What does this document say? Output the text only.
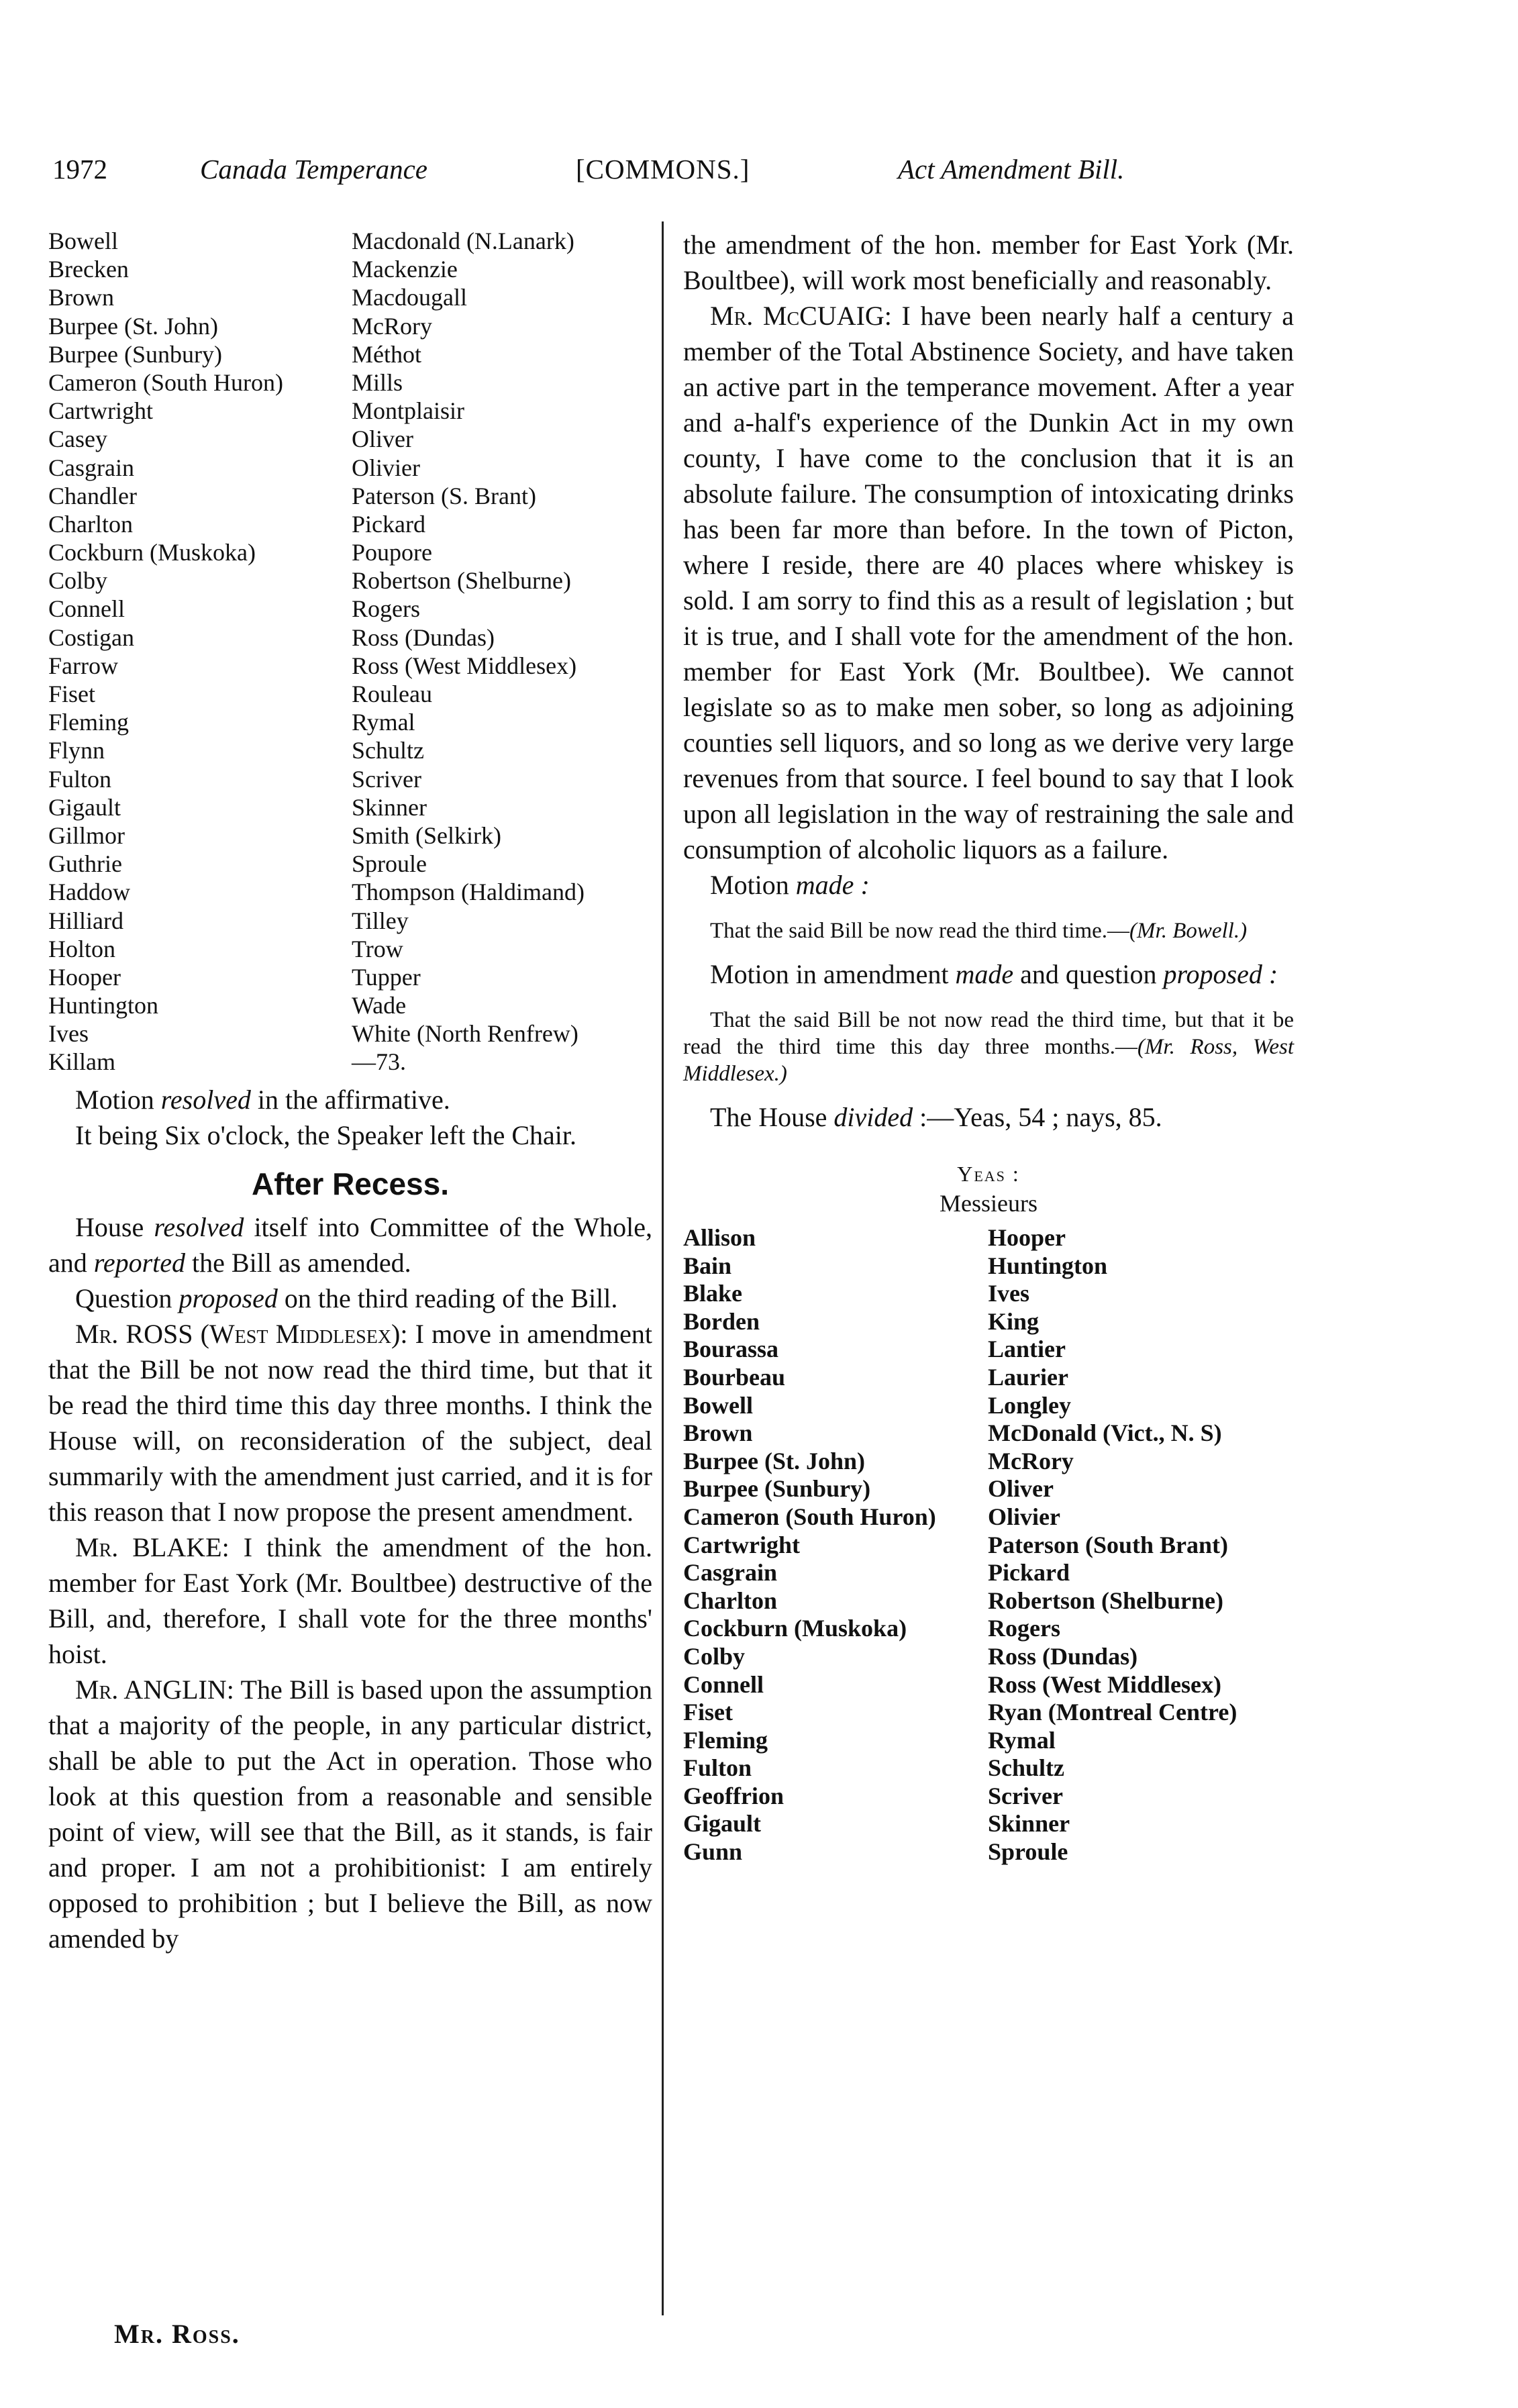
1972	Canada Temperance	[COMMONS.]	Act Amendment Bill.
Bowell	Macdonald (N.Lanark)
Brecken	Mackenzie
Brown	Macdougall
Burpee (St. John)	McRory
Burpee (Sunbury)	Méthot
Cameron (South Huron)	Mills
Cartwright	Montplaisir
Casey	Oliver
Casgrain	Olivier
Chandler	Paterson (S. Brant)
Charlton	Pickard
Cockburn (Muskoka)	Poupore
Colby	Robertson (Shelburne)
Connell	Rogers
Costigan	Ross (Dundas)
Farrow	Ross (West Middlesex)
Fiset	Rouleau
Fleming	Rymal
Flynn	Schultz
Fulton	Scriver
Gigault	Skinner
Gillmor	Smith (Selkirk)
Guthrie	Sproule
Haddow	Thompson (Haldimand)
Hilliard	Tilley
Holton	Trow
Hooper	Tupper
Huntington	Wade
Ives	White (North Renfrew)
Killam	—73.

Motion resolved in the affirmative.

It being Six o'clock, the Speaker left the Chair.

After Recess.

House resolved itself into Committee of the Whole, and reported the Bill as amended.

Question proposed on the third reading of the Bill.

Mr. ROSS (West Middlesex): I move in amendment that the Bill be not now read the third time, but that it be read the third time this day three months. I think the House will, on reconsideration of the subject, deal summarily with the amendment just carried, and it is for this reason that I now propose the present amendment.

Mr. BLAKE: I think the amendment of the hon. member for East York (Mr. Boultbee) destructive of the Bill, and, therefore, I shall vote for the three months' hoist.

Mr. ANGLIN: The Bill is based upon the assumption that a majority of the people, in any particular district, shall be able to put the Act in operation. Those who look at this question from a reasonable and sensible point of view, will see that the Bill, as it stands, is fair and proper. I am not a prohibitionist: I am entirely opposed to prohibition ; but I believe the Bill, as now amended by

the amendment of the hon. member for East York (Mr. Boultbee), will work most beneficially and reasonably.

Mr. McCUAIG: I have been nearly half a century a member of the Total Abstinence Society, and have taken an active part in the temperance movement. After a year and a-half's experience of the Dunkin Act in my own county, I have come to the conclusion that it is an absolute failure. The consumption of intoxicating drinks has been far more than before. In the town of Picton, where I reside, there are 40 places where whiskey is sold. I am sorry to find this as a result of legislation ; but it is true, and I shall vote for the amendment of the hon. member for East York (Mr. Boultbee). We cannot legislate so as to make men sober, so long as adjoining counties sell liquors, and so long as we derive very large revenues from that source. I feel bound to say that I look upon all legislation in the way of restraining the sale and consumption of alcoholic liquors as a failure.

Motion made :

That the said Bill be now read the third time.—(Mr. Bowell.)

Motion in amendment made and question proposed :

That the said Bill be not now read the third time, but that it be read the third time this day three months.—(Mr. Ross, West Middlesex.)

The House divided :—Yeas, 54 ; nays, 85.

Yeas :
Messieurs
Allison	Hooper
Bain	Huntington
Blake	Ives
Borden	King
Bourassa	Lantier
Bourbeau	Laurier
Bowell	Longley
Brown	McDonald (Vict., N. S)
Burpee (St. John)	McRory
Burpee (Sunbury)	Oliver
Cameron (South Huron) Olivier
Cartwright	Paterson (South Brant)
Casgrain	Pickard
Charlton	Robertson (Shelburne)
Cockburn (Muskoka)	Rogers
Colby	Ross (Dundas)
Connell	Ross (West Middlesex)
Fiset	Ryan (Montreal Centre)
Fleming	Rymal
Fulton	Schultz
Geoffrion	Scriver
Gigault	Skinner
Gunn	Sproule
Mr. Ross.
